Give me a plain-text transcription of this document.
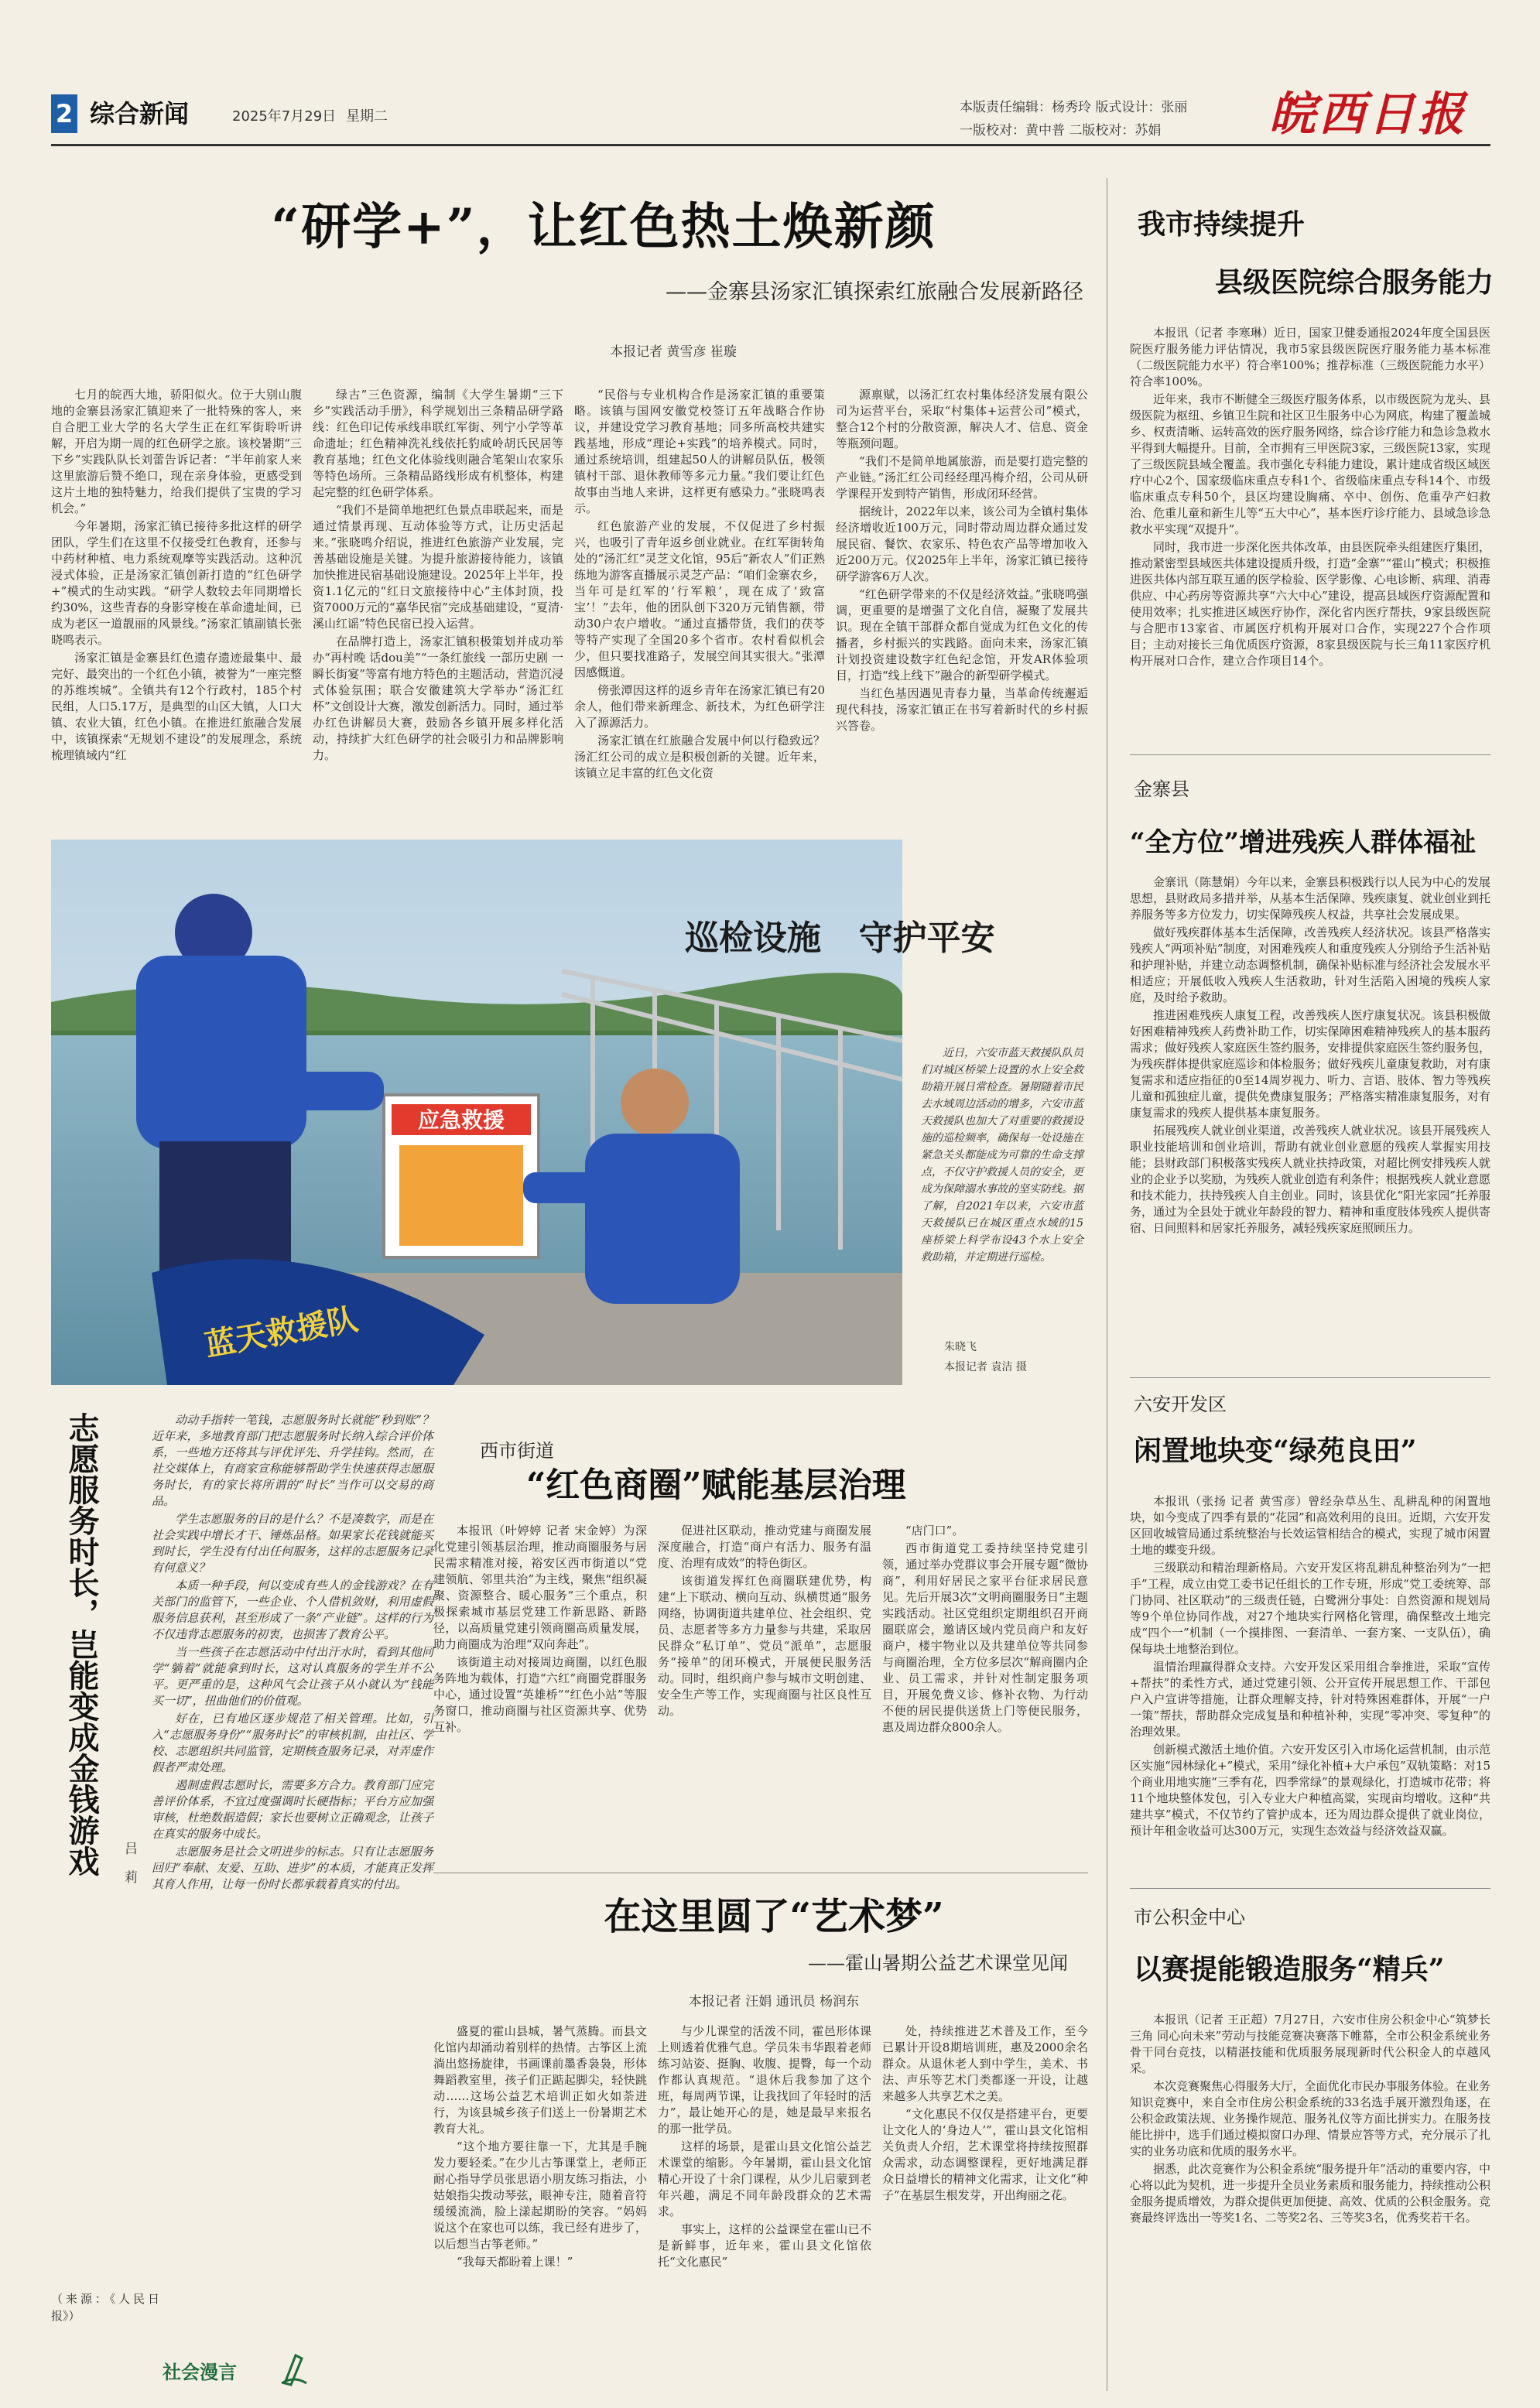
2 综合新闻	2025年7月29日 星期二
本版责任编辑：杨秀玲 版式设计：张丽
一版校对：黄中普 二版校对：苏娟 皖西日报
“研学+”，让红色热土焕新颜
——金寨县汤家汇镇探索红旅融合发展新路径
本报记者 黄雪彦 崔璇

七月的皖西大地，骄阳似火。位于大别山腹地的金寨县汤家汇镇迎来了一批特殊的客人，来自合肥工业大学的名大学生正在红军街聆听讲解，开启为期一周的红色研学之旅。该校暑期“三下乡”实践队队长刘蕾告诉记者：“半年前家人来这里旅游后赞不绝口，现在亲身体验，更感受到这片土地的独特魅力，给我们提供了宝贵的学习机会。”

今年暑期，汤家汇镇已接待多批这样的研学团队，学生们在这里不仅接受红色教育，还参与中药材种植、电力系统观摩等实践活动。这种沉浸式体验，正是汤家汇镇创新打造的“红色研学+”模式的生动实践。“研学人数较去年同期增长约30%，这些青春的身影穿梭在革命遗址间，已成为老区一道靓丽的风景线。”汤家汇镇副镇长张晓鸣表示。

汤家汇镇是金寨县红色遗存遗迹最集中、最完好、最突出的一个红色小镇，被誉为“一座完整的苏维埃城”。全镇共有12个行政村，185个村民组，人口5.17万，是典型的山区大镇，人口大镇、农业大镇，红色小镇。在推进红旅融合发展中，该镇探索“无规划不建设”的发展理念，系统梳理镇域内“红

绿古”三色资源，编制《大学生暑期“三下乡”实践活动手册》，科学规划出三条精品研学路线：红色印记传承线串联红军街、列宁小学等革命遗址；红色精神洗礼线依托豹咸岭胡氏民居等教育基地；红色文化体验线则融合笔架山农家乐等特色场所。三条精品路线形成有机整体，构建起完整的红色研学体系。

“我们不是简单地把红色景点串联起来，而是通过情景再现、互动体验等方式，让历史活起来。”张晓鸣介绍说，推进红色旅游产业发展，完善基础设施是关键。为提升旅游接待能力，该镇加快推进民宿基础设施建设。2025年上半年，投资1.1亿元的“红日文旅接待中心”主体封顶，投资7000万元的“嘉华民宿”完成基础建设，“夏清·溪山红谣”特色民宿已投入运营。

在品牌打造上，汤家汇镇积极策划并成功举办“再村晚 话dou美”“一条红旅线 一部历史剧 一瞬长街宴”等富有地方特色的主题活动，营造沉浸式体验氛围；联合安徽建筑大学举办“汤汇红杯”文创设计大赛，激发创新活力。同时，通过举办红色讲解员大赛，鼓励各乡镇开展多样化活动，持续扩大红色研学的社会吸引力和品牌影响力。

“民俗与专业机构合作是汤家汇镇的重要策略。该镇与国网安徽党校签订五年战略合作协议，并建设党学习教育基地；同多所高校共建实践基地，形成“理论+实践”的培养模式。同时，通过系统培训，组建起50人的讲解员队伍，极领镇村干部、退休教师等多元力量。”我们要让红色故事由当地人来讲，这样更有感染力。”张晓鸣表示。

红色旅游产业的发展，不仅促进了乡村振兴，也吸引了青年返乡创业就业。在红军街转角处的“汤汇红”灵芝文化馆，95后“新农人”们正熟练地为游客直播展示灵芝产品：“咱们金寨农乡，当年可是红军的‘行军粮’，现在成了‘致富宝’！”去年，他的团队创下320万元销售额，带动30户农户增收。“通过直播带货，我们的茯苓等特产实现了全国20多个省市。农村看似机会少，但只要找准路子，发展空间其实很大。”张潭因感慨道。

傍张潭因这样的返乡青年在汤家汇镇已有20余人，他们带来新理念、新技术，为红色研学注入了源源活力。

汤家汇镇在红旅融合发展中何以行稳致远？汤汇红公司的成立是积极创新的关键。近年来，该镇立足丰富的红色文化资

源禀赋，以汤汇红农村集体经济发展有限公司为运营平台，采取“村集体+运营公司”模式，整合12个村的分散资源，解决人才、信息、资金等瓶颈问题。

“我们不是简单地属旅游，而是要打造完整的产业链。”汤汇红公司经经理冯梅介绍，公司从研学课程开发到特产销售，形成闭环经营。

据统计，2022年以来，该公司为全镇村集体经济增收近100万元，同时带动周边群众通过发展民宿、餐饮、农家乐、特色农产品等增加收入近200万元。仅2025年上半年，汤家汇镇已接待研学游客6万人次。

“红色研学带来的不仅是经济效益。”张晓鸣强调，更重要的是增强了文化自信，凝聚了发展共识。现在全镇干部群众都自觉成为红色文化的传播者，乡村振兴的实践路。面向未来，汤家汇镇计划投资建设数字红色纪念馆，开发AR体验项目，打造“线上线下”融合的新型研学模式。

当红色基因遇见青春力量，当革命传统邂逅现代科技，汤家汇镇正在书写着新时代的乡村振兴答卷。

应急救援
蓝天救援队
巡检设施 守护平安

近日，六安市蓝天救援队队员们对城区桥梁上设置的水上安全救助箱开展日常检查。暑期随着市民去水域周边活动的增多，六安市蓝天救援队也加大了对重要的救援设施的巡检频率，确保每一处设施在紧急关头都能成为可靠的生命支撑点，不仅守护救援人员的安全，更成为保障溺水事故的坚实防线。据了解，自2021年以来，六安市蓝天救援队已在城区重点水域的15座桥梁上科学布设43个水上安全救助箱，并定期进行巡检。

朱晓飞
本报记者 袁洁 摄
志愿服务时长，岂能变成金钱游戏	吕莉

动动手指转一笔钱，志愿服务时长就能“秒到账”？近年来，多地教育部门把志愿服务时长纳入综合评价体系，一些地方还将其与评优评先、升学挂钩。然而，在社交媒体上，有商家宣称能够帮助学生快速获得志愿服务时长，有的家长将所谓的“时长”当作可以交易的商品。

学生志愿服务的目的是什么？不是凑数字，而是在社会实践中增长才干、锤炼品格。如果家长花钱就能买到时长，学生没有付出任何服务，这样的志愿服务记录有何意义？

本质一种手段，何以变成有些人的金钱游戏？在有关部门的监管下，一些企业、个人借机敛财，利用虚假服务信息获利，甚至形成了一条“产业链”。这样的行为不仅违背志愿服务的初衷，也损害了教育公平。

当一些孩子在志愿活动中付出汗水时，看到其他同学“躺着”就能拿到时长，这对认真服务的学生并不公平。更严重的是，这种风气会让孩子从小就认为“钱能买一切”，扭曲他们的价值观。

好在，已有地区逐步规范了相关管理。比如，引入“志愿服务身份”“服务时长”的审核机制，由社区、学校、志愿组织共同监管，定期核查服务记录，对弄虚作假者严肃处理。

遏制虚假志愿时长，需要多方合力。教育部门应完善评价体系，不宜过度强调时长硬指标；平台方应加强审核，杜绝数据造假；家长也要树立正确观念，让孩子在真实的服务中成长。

志愿服务是社会文明进步的标志。只有让志愿服务回归“奉献、友爱、互助、进步”的本质，才能真正发挥其育人作用，让每一份时长都承载着真实的付出。

（来源：《人民日报》）
社会漫言
西市街道
“红色商圈”赋能基层治理

本报讯（叶婷婷 记者 宋金婷）为深化党建引领基层治理，推动商圈服务与居民需求精准对接，裕安区西市街道以“党建领航、邻里共治”为主线，聚焦“组织凝聚、资源整合、暖心服务”三个重点，积极探索城市基层党建工作新思路、新路径，以高质量党建引领商圈高质量发展，助力商圈成为治理“双向奔赴”。

该街道主动对接周边商圈，以红色服务阵地为载体，打造“六红”商圈党群服务中心，通过设置“英雄桥”“红色小站”等服务窗口，推动商圈与社区资源共享、优势互补。

促进社区联动，推动党建与商圈发展深度融合，打造“商户有活力、服务有温度、治理有成效”的特色街区。

该街道发挥红色商圈联建优势，构建“上下联动、横向互动、纵横贯通”服务网络，协调街道共建单位、社会组织、党员、志愿者等多方力量参与共建，采取居民群众“私订单”、党员“派单”，志愿服务“接单”的闭环模式，开展便民服务活动。同时，组织商户参与城市文明创建、安全生产等工作，实现商圈与社区良性互动。

“店门口”。

西市街道党工委持续坚持党建引领，通过举办党群议事会开展专题“微协商”，利用好居民之家平台征求居民意见。先后开展3次“文明商圈服务日”主题实践活动。社区党组织定期组织召开商圈联席会，邀请区域内党员商户和友好商户，楼宇物业以及共建单位等共同参与商圈治理，全方位多层次“解商圈内企业、员工需求，并针对性制定服务项目，开展免费义诊、修补衣物、为行动不便的居民提供送货上门等便民服务，惠及周边群众800余人。

在这里圆了“艺术梦”
——霍山暑期公益艺术课堂见闻
本报记者 汪娟 通讯员 杨润东

盛夏的霍山县城，暑气蒸腾。而县文化馆内却涌动着别样的热情。古筝区上流淌出悠扬旋律，书画课前墨香袅袅，形体舞蹈教室里，孩子们正踮起脚尖，轻快跳动……这场公益艺术培训正如火如荼进行，为该县城乡孩子们送上一份暑期艺术教育大礼。

“这个地方要往靠一下，尤其是手腕发力要轻柔。”在少儿古筝课堂上，老师正耐心指导学员张思语小朋友练习指法，小姑娘指尖拨动琴弦，眼神专注，随着音符缓缓流淌，脸上漾起期盼的笑容。“妈妈说这个在家也可以练，我已经有进步了，以后想当古筝老师。”

“我每天都盼着上课！”

与少儿课堂的活泼不同，霍邑形体课上则透着优雅气息。学员朱韦华跟着老师练习站姿、挺胸、收腹、提臀，每一个动作都认真规范。“退休后我参加了这个班，每周两节课，让我找回了年轻时的活力”，最让她开心的是，她是最早来报名的那一批学员。

这样的场景，是霍山县文化馆公益艺术课堂的缩影。今年暑期，霍山县文化馆精心开设了十余门课程，从少儿启蒙到老年兴趣，满足不同年龄段群众的艺术需求。

事实上，这样的公益课堂在霍山已不是新鲜事，近年来，霍山县文化馆依托“文化惠民”

处，持续推进艺术普及工作，至今已累计开设8期培训班，惠及2000余名群众。从退休老人到中学生，美术、书法、声乐等艺术门类都逐一开设，让越来越多人共享艺术之美。

“文化惠民不仅仅是搭建平台，更要让文化人的‘身边人’”，霍山县文化馆相关负责人介绍，艺术课堂将持续按照群众需求，动态调整课程，更好地满足群众日益增长的精神文化需求，让文化“种子”在基层生根发芽，开出绚丽之花。

我市持续提升
县级医院综合服务能力

本报讯（记者 李寒琳）近日，国家卫健委通报2024年度全国县医院医疗服务能力评估情况，我市5家县级医院医疗服务能力基本标准（二级医院能力水平）符合率100%；推荐标准（三级医院能力水平）符合率100%。

近年来，我市不断健全三级医疗服务体系，以市级医院为龙头、县级医院为枢纽、乡镇卫生院和社区卫生服务中心为网底，构建了覆盖城乡、权责清晰、运转高效的医疗服务网络，综合诊疗能力和急诊急救水平得到大幅提升。目前，全市拥有三甲医院3家，三级医院13家，实现了三级医院县域全覆盖。我市强化专科能力建设，累计建成省级区域医疗中心2个、国家级临床重点专科1个、省级临床重点专科14个、市级临床重点专科50个，县区均建设胸痛、卒中、创伤、危重孕产妇救治、危重儿童和新生儿等“五大中心”，基本医疗诊疗能力、县域急诊急救水平实现“双提升”。

同时，我市进一步深化医共体改革，由县医院牵头组建医疗集团，推动紧密型县域医共体建设提质升级，打造“金寨”“霍山”模式；积极推进医共体内部互联互通的医学检验、医学影像、心电诊断、病理、消毒供应、中心药房等资源共享“六大中心”建设，提高县域医疗资源配置和使用效率；扎实推进区域医疗协作，深化省内医疗帮扶，9家县级医院与合肥市13家省、市属医疗机构开展对口合作，实现227个合作项目；主动对接长三角优质医疗资源，8家县级医院与长三角11家医疗机构开展对口合作，建立合作项目14个。

金寨县
“全方位”增进残疾人群体福祉

金寨讯（陈慧娟）今年以来，金寨县积极践行以人民为中心的发展思想，县财政局多措并举，从基本生活保障、残疾康复、就业创业到托养服务等多方位发力，切实保障残疾人权益，共享社会发展成果。

做好残疾群体基本生活保障，改善残疾人经济状况。该县严格落实残疾人“两项补贴”制度，对困难残疾人和重度残疾人分别给予生活补贴和护理补贴，并建立动态调整机制，确保补贴标准与经济社会发展水平相适应；开展低收入残疾人生活救助，针对生活陷入困境的残疾人家庭，及时给予救助。

推进困难残疾人康复工程，改善残疾人医疗康复状况。该县积极做好困难精神残疾人药费补助工作，切实保障困难精神残疾人的基本服药需求；做好残疾人家庭医生签约服务，安排提供家庭医生签约服务包，为残疾群体提供家庭巡诊和体检服务；做好残疾儿童康复救助，对有康复需求和适应指征的0至14周岁视力、听力、言语、肢体、智力等残疾儿童和孤独症儿童，提供免费康复服务；严格落实精准康复服务，对有康复需求的残疾人提供基本康复服务。

拓展残疾人就业创业渠道，改善残疾人就业状况。该县开展残疾人职业技能培训和创业培训，帮助有就业创业意愿的残疾人掌握实用技能；县财政部门积极落实残疾人就业扶持政策，对超比例安排残疾人就业的企业予以奖励，为残疾人就业创造有利条件；根据残疾人就业意愿和技术能力，扶持残疾人自主创业。同时，该县优化“阳光家园”托养服务，通过为全县处于就业年龄段的智力、精神和重度肢体残疾人提供寄宿、日间照料和居家托养服务，减轻残疾家庭照顾压力。

六安开发区
闲置地块变“绿苑良田”

本报讯（张扬 记者 黄雪彦）曾经杂草丛生、乱耕乱种的闲置地块，如今变成了四季有景的“花园”和高效利用的良田。近期，六安开发区回收城管局通过系统整治与长效运管相结合的模式，实现了城市闲置土地的蝶变升级。

三级联动和精治理新格局。六安开发区将乱耕乱种整治列为“一把手”工程，成立由党工委书记任组长的工作专班，形成“党工委统筹、部门协同、社区联动”的三级责任链，白鹭洲分事处：自然资源和规划局等9个单位协同作战，对27个地块实行网格化管理，确保整改土地完成“四个一”机制（一个摸排图、一套清单、一套方案、一支队伍），确保每块土地整治到位。

温情治理赢得群众支持。六安开发区采用组合拳推进，采取“宣传+帮扶”的柔性方式，通过党建引领、公开宣传开展思想工作、干部包户入户宣讲等措施，让群众理解支持，针对特殊困难群体，开展“一户一策”帮扶，帮助群众完成复垦和种植补种，实现“零冲突、零复种”的治理效果。

创新模式激活土地价值。六安开发区引入市场化运营机制，由示范区实施“园林绿化+”模式，采用“绿化补植+大户承包”双轨策略：对15个商业用地实施“三季有花，四季常绿”的景观绿化，打造城市花带；将11个地块整体发包，引入专业大户种植高粱，实现亩均增收。这种“共建共享”模式，不仅节约了管护成本，还为周边群众提供了就业岗位，预计年租金收益可达300万元，实现生态效益与经济效益双赢。

市公积金中心
以赛提能锻造服务“精兵”

本报讯（记者 王正超）7月27日，六安市住房公积金中心“筑梦长三角 同心向未来”劳动与技能竞赛决赛落下帷幕，全市公积金系统业务骨干同台竞技，以精湛技能和优质服务展现新时代公积金人的卓越风采。

本次竞赛聚焦心得服务大厅，全面优化市民办事服务体验。在业务知识竞赛中，来自全市住房公积金系统的33名选手展开激烈角逐，在公积金政策法规、业务操作规范、服务礼仪等方面比拼实力。在服务技能比拼中，选手们通过模拟窗口办理、情景应答等方式，充分展示了扎实的业务功底和优质的服务水平。

据悉，此次竞赛作为公积金系统“服务提升年”活动的重要内容，中心将以此为契机，进一步提升全员业务素质和服务能力，持续推动公积金服务提质增效，为群众提供更加便捷、高效、优质的公积金服务。竞赛最终评选出一等奖1名、二等奖2名、三等奖3名，优秀奖若干名。
